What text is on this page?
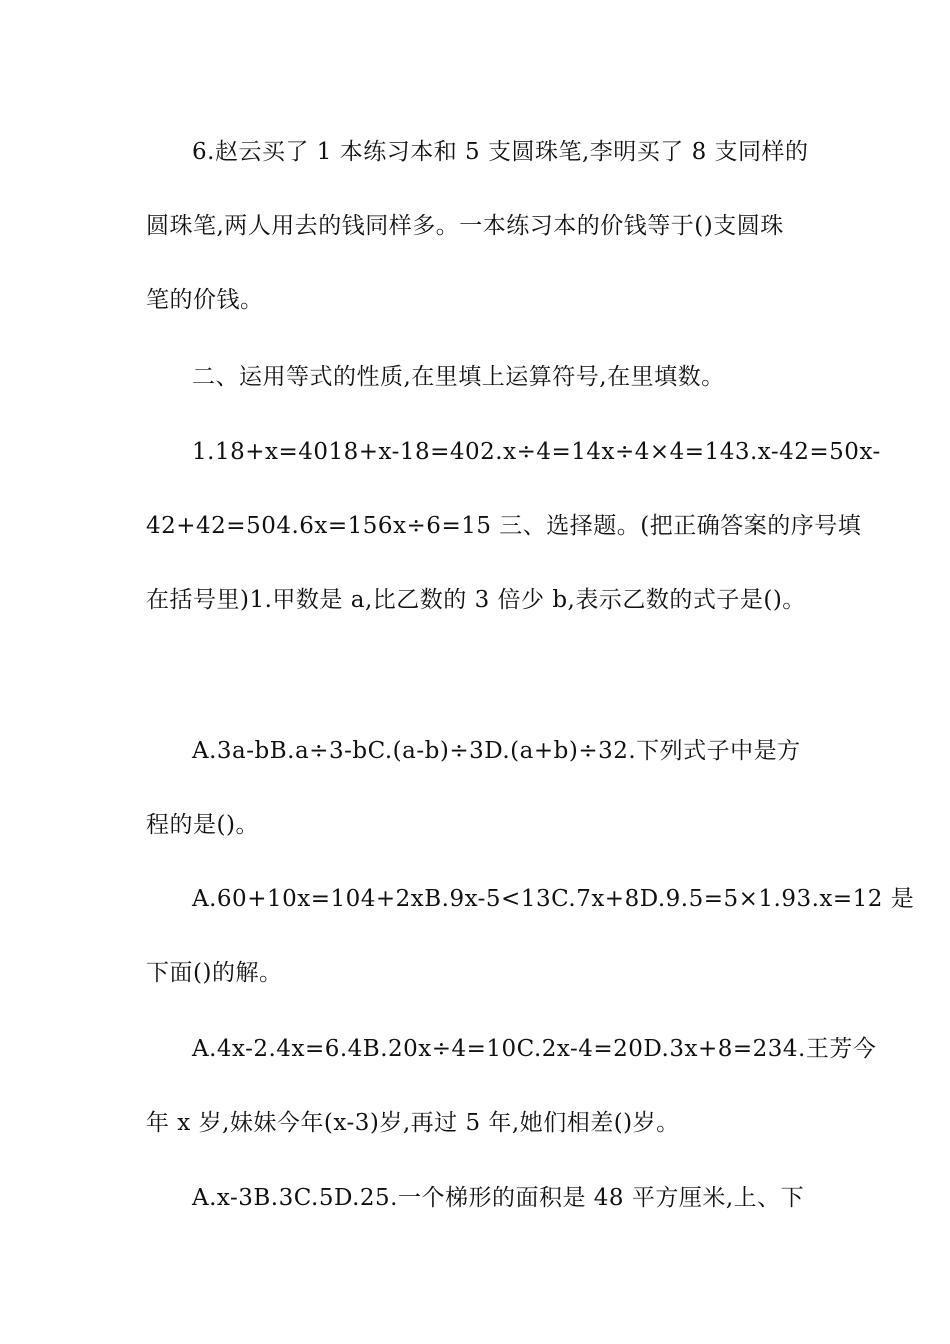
6.赵云买了 1 本练习本和 5 支圆珠笔,李明买了 8 支同样的
圆珠笔,两人用去的钱同样多。一本练习本的价钱等于()支圆珠
笔的价钱。
二、运用等式的性质,在里填上运算符号,在里填数。
1.18+x=4018+x-18=402.x÷4=14x÷4×4=143.x-42=50x-
42+42=504.6x=156x÷6=15 三、选择题。(把正确答案的序号填
在括号里)1.甲数是 a,比乙数的 3 倍少 b,表示乙数的式子是()。
A.3a-bB.a÷3-bC.(a-b)÷3D.(a+b)÷32.下列式子中是方
程的是()。
A.60+10x=104+2xB.9x-5<13C.7x+8D.9.5=5×1.93.x=12 是
下面()的解。
A.4x-2.4x=6.4B.20x÷4=10C.2x-4=20D.3x+8=234.王芳今
年 x 岁,妹妹今年(x-3)岁,再过 5 年,她们相差()岁。
A.x-3B.3C.5D.25.一个梯形的面积是 48 平方厘米,上、下
